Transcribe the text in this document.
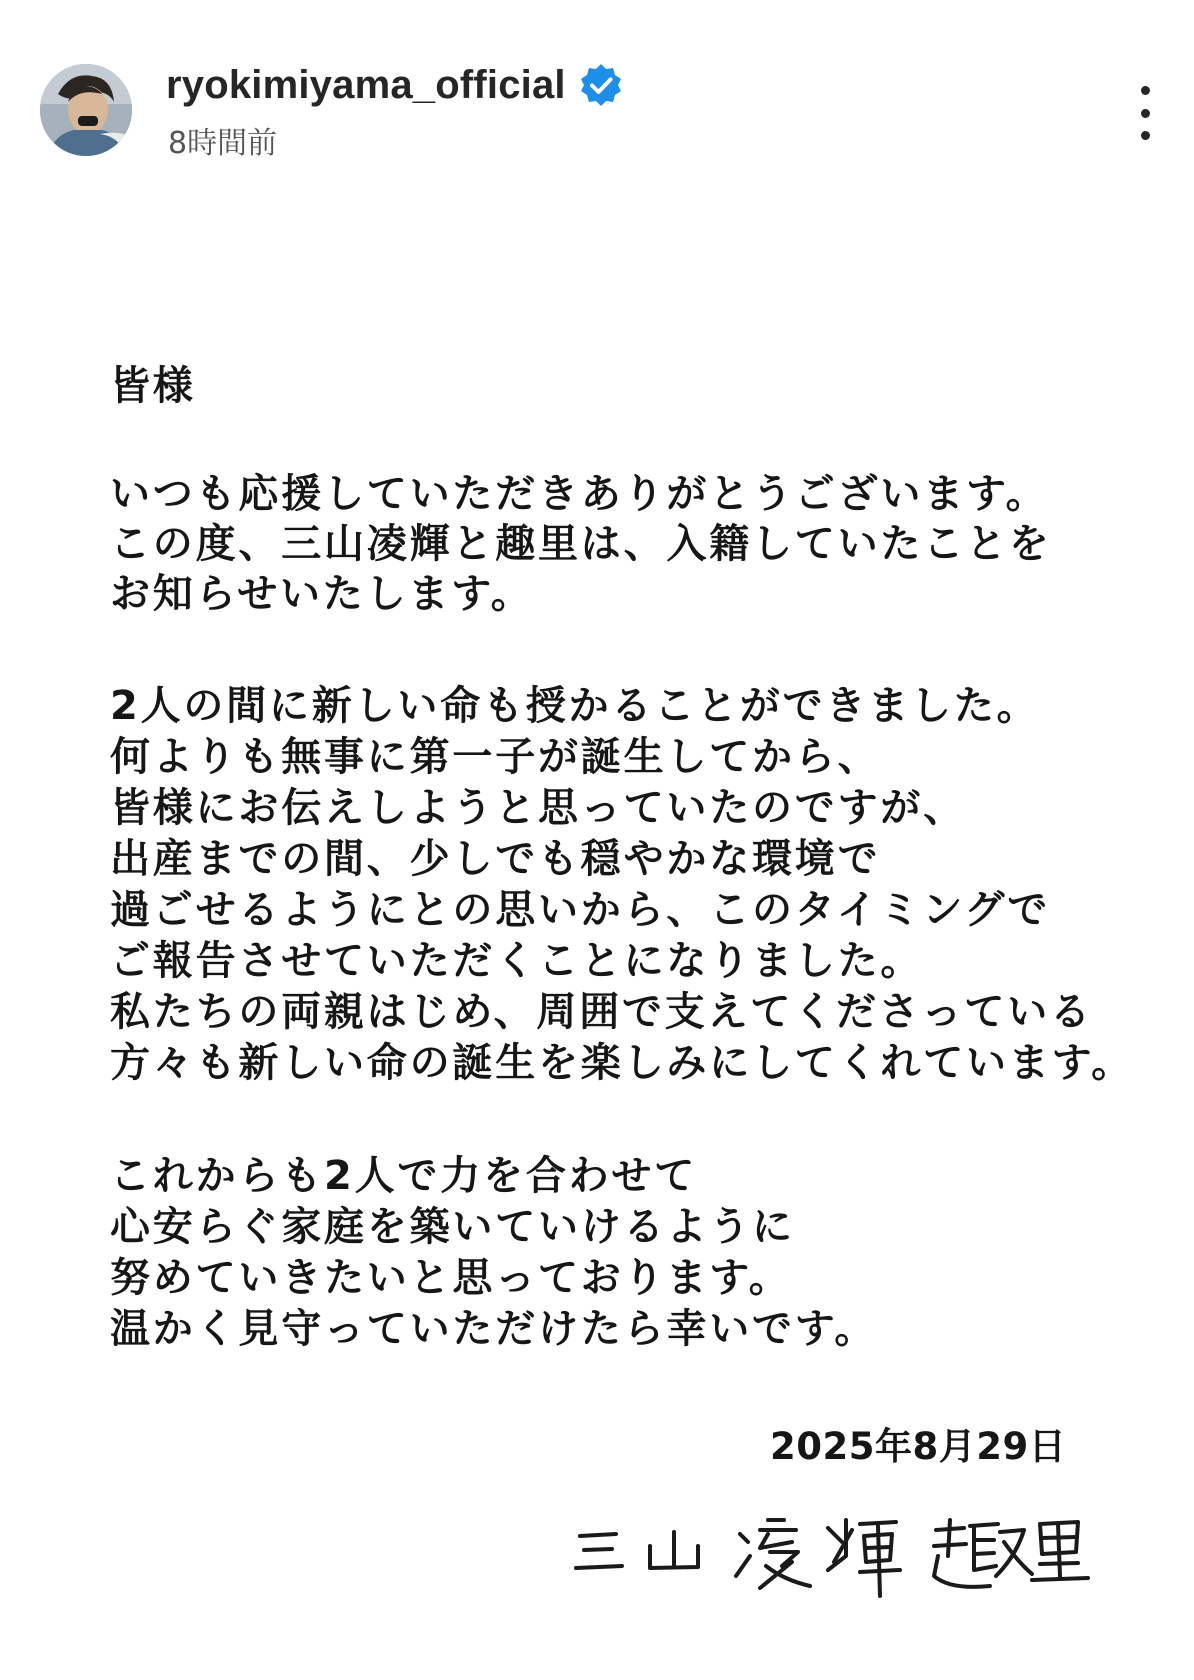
ryokimiyama_official
8時間前
皆様
いつも応援していただきありがとうございます。
この度、三山凌輝と趣里は、入籍していたことを
お知らせいたします。
2人の間に新しい命も授かることができました。
何よりも無事に第一子が誕生してから、
皆様にお伝えしようと思っていたのですが、
出産までの間、少しでも穏やかな環境で
過ごせるようにとの思いから、このタイミングで
ご報告させていただくことになりました。
私たちの両親はじめ、周囲で支えてくださっている
方々も新しい命の誕生を楽しみにしてくれています。
これからも2人で力を合わせて
心安らぐ家庭を築いていけるように
努めていきたいと思っております。
温かく見守っていただけたら幸いです。
2025年8月29日
